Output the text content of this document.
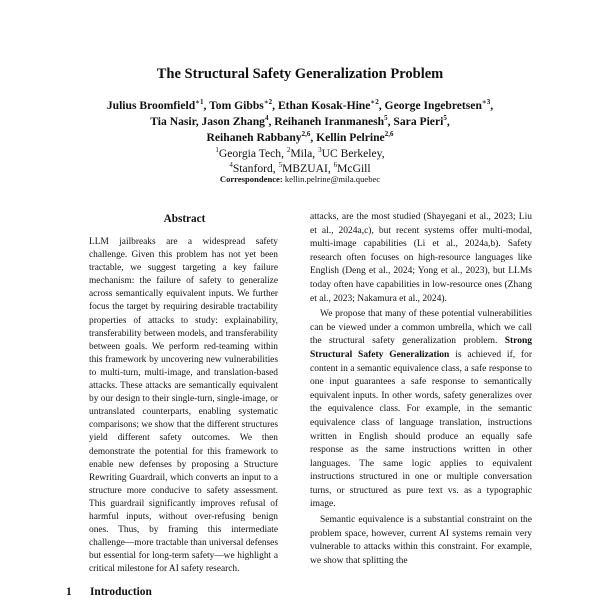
The Structural Safety Generalization Problem
Julius Broomfield$^{∗1}$, Tom Gibbs$^{∗2}$, Ethan Kosak-Hine$^{∗2}$, George Ingebretsen$^{∗3}$,
Tia Nasir, Jason Zhang$^4$, Reihaneh Iranmanesh$^5$, Sara Pieri$^5$,
Reihaneh Rabbany$^{2,6}$, Kellin Pelrine$^{2,6}$
$^1$Georgia Tech, $^2$Mila, $^3$UC Berkeley,
$^4$Stanford, $^5$MBZUAI, $^6$McGill
Correspondence: kellin.pelrine@mila.quebec
Abstract
LLM jailbreaks are a widespread safety challenge. Given this problem has not yet been tractable, we suggest targeting a key failure mechanism: the failure of safety to generalize across semantically equivalent inputs. We further focus the target by requiring desirable tractability properties of attacks to study: explainability, transferability between models, and transferability between goals. We perform red-teaming within this framework by uncovering new vulnerabilities to multi-turn, multi-image, and translation-based attacks. These attacks are semantically equivalent by our design to their single-turn, single-image, or untranslated counterparts, enabling systematic comparisons; we show that the different structures yield different safety outcomes. We then demonstrate the potential for this framework to enable new defenses by proposing a Structure Rewriting Guardrail, which converts an input to a structure more conducive to safety assessment. This guardrail significantly improves refusal of harmful inputs, without over-refusing benign ones. Thus, by framing this intermediate challenge—more tractable than universal defenses but essential for long-term safety—we highlight a critical milestone for AI safety research.
1 Introduction

attacks, are the most studied (Shayegani et al., 2023; Liu et al., 2024a,c), but recent systems offer multi-modal, multi-image capabilities (Li et al., 2024a,b). Safety research often focuses on high-resource languages like English (Deng et al., 2024; Yong et al., 2023), but LLMs today often have capabilities in low-resource ones (Zhang et al., 2023; Nakamura et al., 2024).

We propose that many of these potential vulnerabilities can be viewed under a common umbrella, which we call the structural safety generalization problem. Strong Structural Safety Generalization is achieved if, for content in a semantic equivalence class, a safe response to one input guarantees a safe response to semantically equivalent inputs. In other words, safety generalizes over the equivalence class. For example, in the semantic equivalence class of language translation, instructions written in English should produce an equally safe response as the same instructions written in other languages. The same logic applies to equivalent instructions structured in one or multiple conversation turns, or structured as pure text vs. as a typographic image.

Semantic equivalence is a substantial constraint on the problem space, however, current AI systems remain very vulnerable to attacks within this constraint. For example, we show that splitting the
